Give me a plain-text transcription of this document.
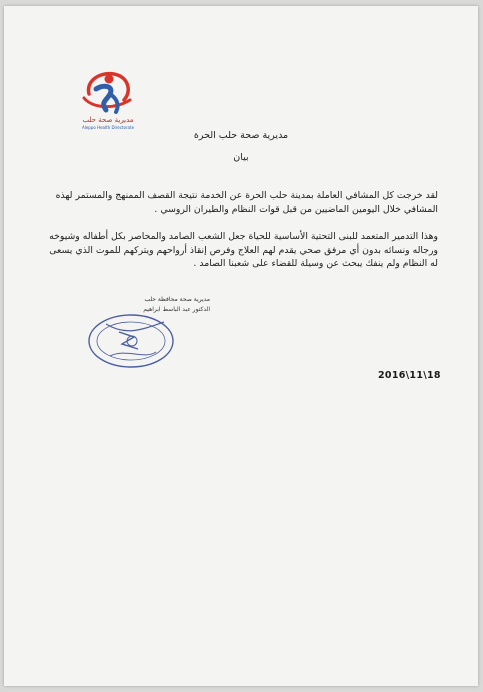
مديرية صحة حلب
Aleppo Health Directorate
مديرية صحة حلب الحرة
بيان
لقد خرجت كل المشافي العاملة بمدينة حلب الحرة عن الخدمة نتيجة القصف الممنهج والمستمر لهذه المشافي خلال اليومين الماضيين من قبل قوات النظام والطيران الروسي .
وهذا التدمير المتعمد للبنى التحتية الأساسية للحياة جعل الشعب الصامد والمحاصر بكل أطفاله وشيوخه ورجاله ونسائه بدون أي مرفق صحي يقدم لهم العلاج وفرص إنقاذ أرواحهم ويتركهم للموت الذي يسعى له النظام ولم ينفك يبحث عن وسيلة للقضاء على شعبنا الصامد .
مديرية صحة محافظة حلب
الدكتور عبد الباسط ابراهيم
2016\11\18
